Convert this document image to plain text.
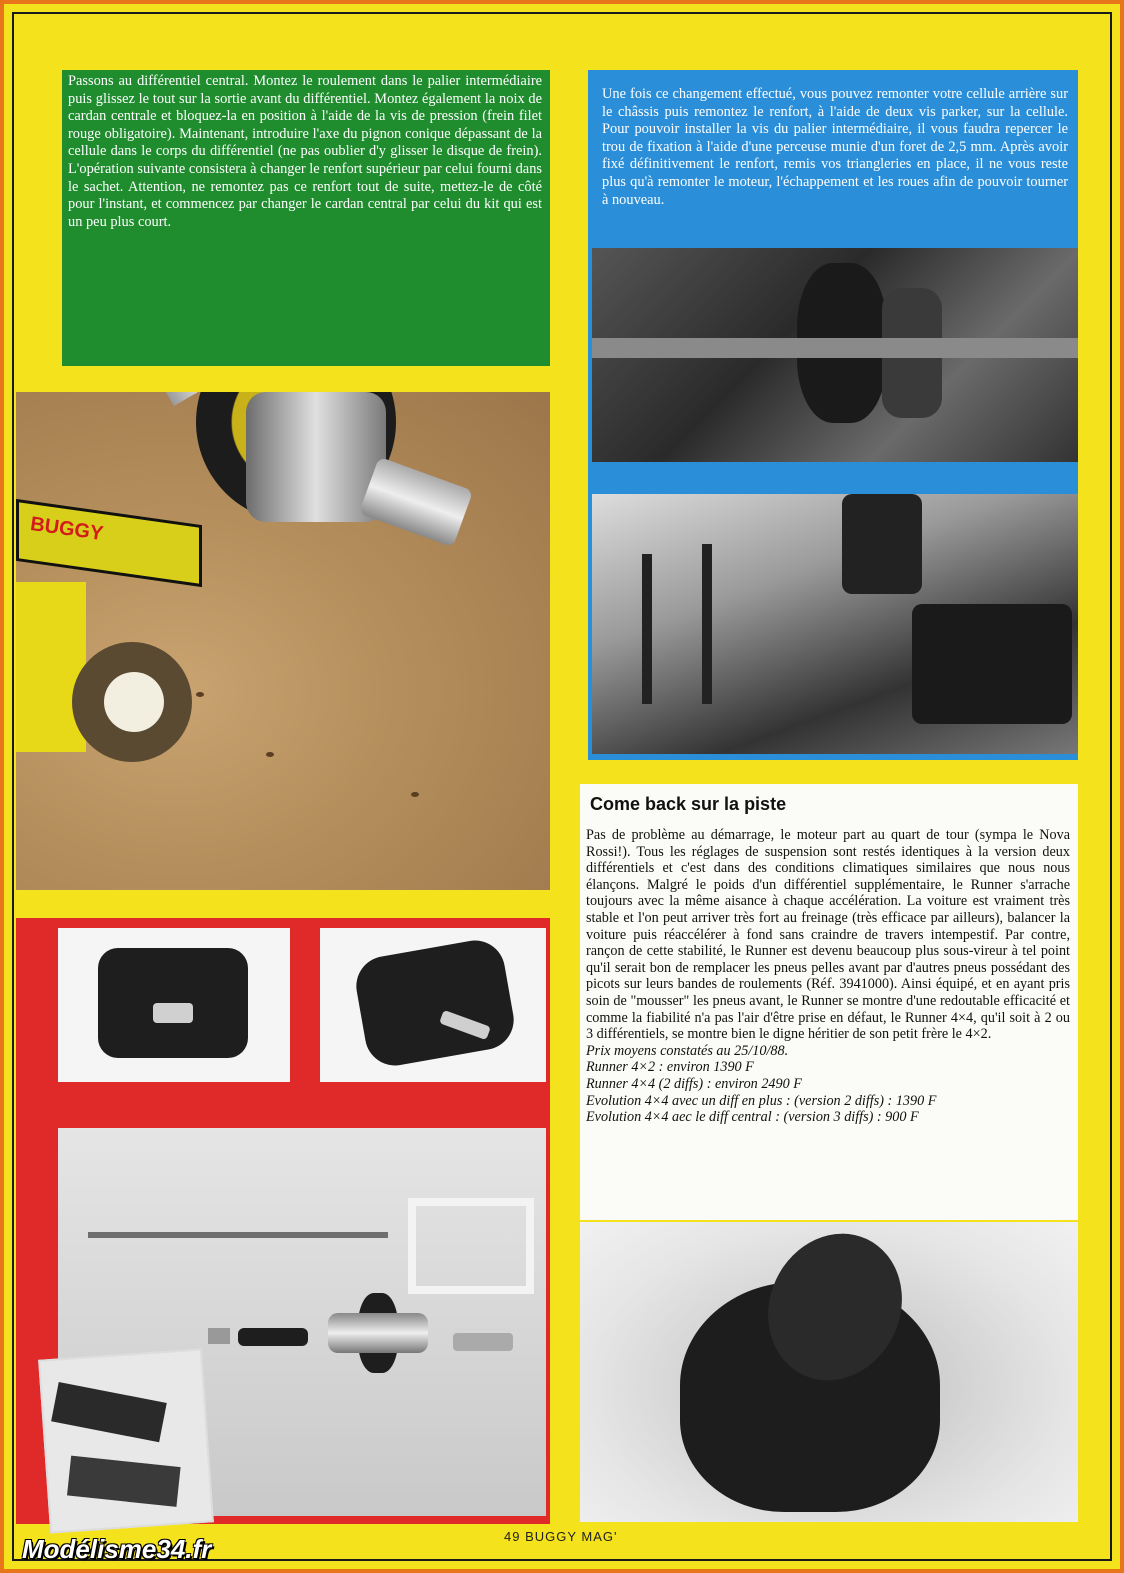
Passons au différentiel central. Montez le roulement dans le palier intermédiaire puis glissez le tout sur la sortie avant du différentiel. Montez également la noix de cardan centrale et bloquez-la en position à l'aide de la vis de pression (frein filet rouge obligatoire). Maintenant, introduire l'axe du pignon conique dépassant de la cellule dans le corps du différentiel (ne pas oublier d'y glisser le disque de frein). L'opération suivante consistera à changer le renfort supérieur par celui fourni dans le sachet. Attention, ne remontez pas ce renfort tout de suite, mettez-le de côté pour l'instant, et commencez par changer le cardan central par celui du kit qui est un peu plus court.

BUGGY

Une fois ce changement effectué, vous pouvez remonter votre cellule arrière sur le châssis puis remontez le renfort, à l'aide de deux vis parker, sur la cellule. Pour pouvoir installer la vis du palier intermédiaire, il vous faudra repercer le trou de fixation à l'aide d'une perceuse munie d'un foret de 2,5 mm. Après avoir fixé définitivement le renfort, remis vos triangleries en place, il ne vous reste plus qu'à remonter le moteur, l'échappement et les roues afin de pouvoir tourner à nouveau.

Come back sur la piste

Pas de problème au démarrage, le moteur part au quart de tour (sympa le Nova Rossi!). Tous les réglages de suspension sont restés identiques à la version deux différentiels et c'est dans des conditions climatiques similaires que nous nous élançons. Malgré le poids d'un différentiel supplémentaire, le Runner s'arrache toujours avec la même aisance à chaque accélération. La voiture est vraiment très stable et l'on peut arriver très fort au freinage (très efficace par ailleurs), balancer la voiture puis réaccélérer à fond sans craindre de travers intempestif. Par contre, rançon de cette stabilité, le Runner est devenu beaucoup plus sous-vireur à tel point qu'il serait bon de remplacer les pneus pelles avant par d'autres pneus possédant des picots sur leurs bandes de roulements (Réf. 3941000). Ainsi équipé, et en ayant pris soin de "mousser" les pneus avant, le Runner se montre d'une redoutable efficacité et comme la fiabilité n'a pas l'air d'être prise en défaut, le Runner 4×4, qu'il soit à 2 ou 3 différentiels, se montre bien le digne héritier de son petit frère le 4×2.
Prix moyens constatés au 25/10/88.
Runner 4×2 : environ 1390 F
Runner 4×4 (2 diffs) : environ 2490 F
Evolution 4×4 avec un diff en plus : (version 2 diffs) : 1390 F
Evolution 4×4 aec le diff central : (version 3 diffs) : 900 F

49 BUGGY MAG'
Modélisme34.fr
